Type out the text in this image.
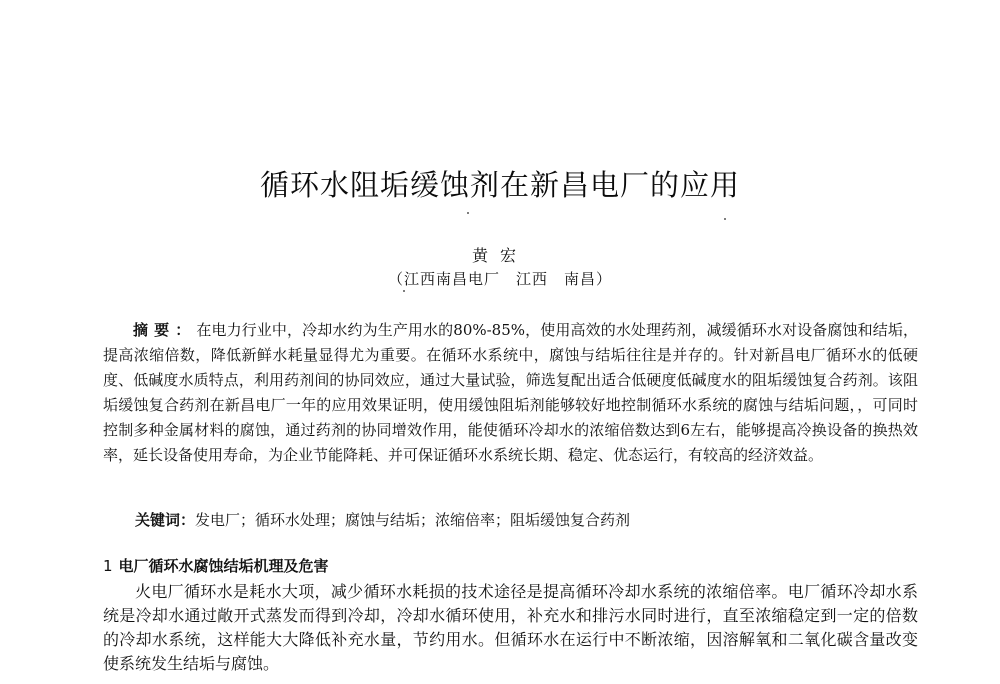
循环水阻垢缓蚀剂在新昌电厂的应用
黄宏
（江西南昌电厂　江西　南昌）
摘要：在电力行业中，冷却水约为生产用水的80%-85%，使用高效的水处理药剂，减缓循环水对设备腐蚀和结垢，提高浓缩倍数，降低新鲜水耗量显得尤为重要。在循环水系统中，腐蚀与结垢往往是并存的。针对新昌电厂循环水的低硬度、低碱度水质特点，利用药剂间的协同效应，通过大量试验，筛选复配出适合低硬度低碱度水的阻垢缓蚀复合药剂。该阻垢缓蚀复合药剂在新昌电厂一年的应用效果证明，使用缓蚀阻垢剂能够较好地控制循环水系统的腐蚀与结垢问题，，可同时控制多种金属材料的腐蚀，通过药剂的协同增效作用，能使循环冷却水的浓缩倍数达到6左右，能够提高冷换设备的换热效率，延长设备使用寿命，为企业节能降耗、并可保证循环水系统长期、稳定、优态运行，有较高的经济效益。
关键词：发电厂；循环水处理；腐蚀与结垢；浓缩倍率；阻垢缓蚀复合药剂
1 电厂循环水腐蚀结垢机理及危害
火电厂循环水是耗水大项，减少循环水耗损的技术途径是提高循环冷却水系统的浓缩倍率。电厂循环冷却水系统是冷却水通过敞开式蒸发而得到冷却，冷却水循环使用，补充水和排污水同时进行，直至浓缩稳定到一定的倍数的冷却水系统，这样能大大降低补充水量，节约用水。但循环水在运行中不断浓缩，因溶解氧和二氧化碳含量改变使系统发生结垢与腐蚀。
